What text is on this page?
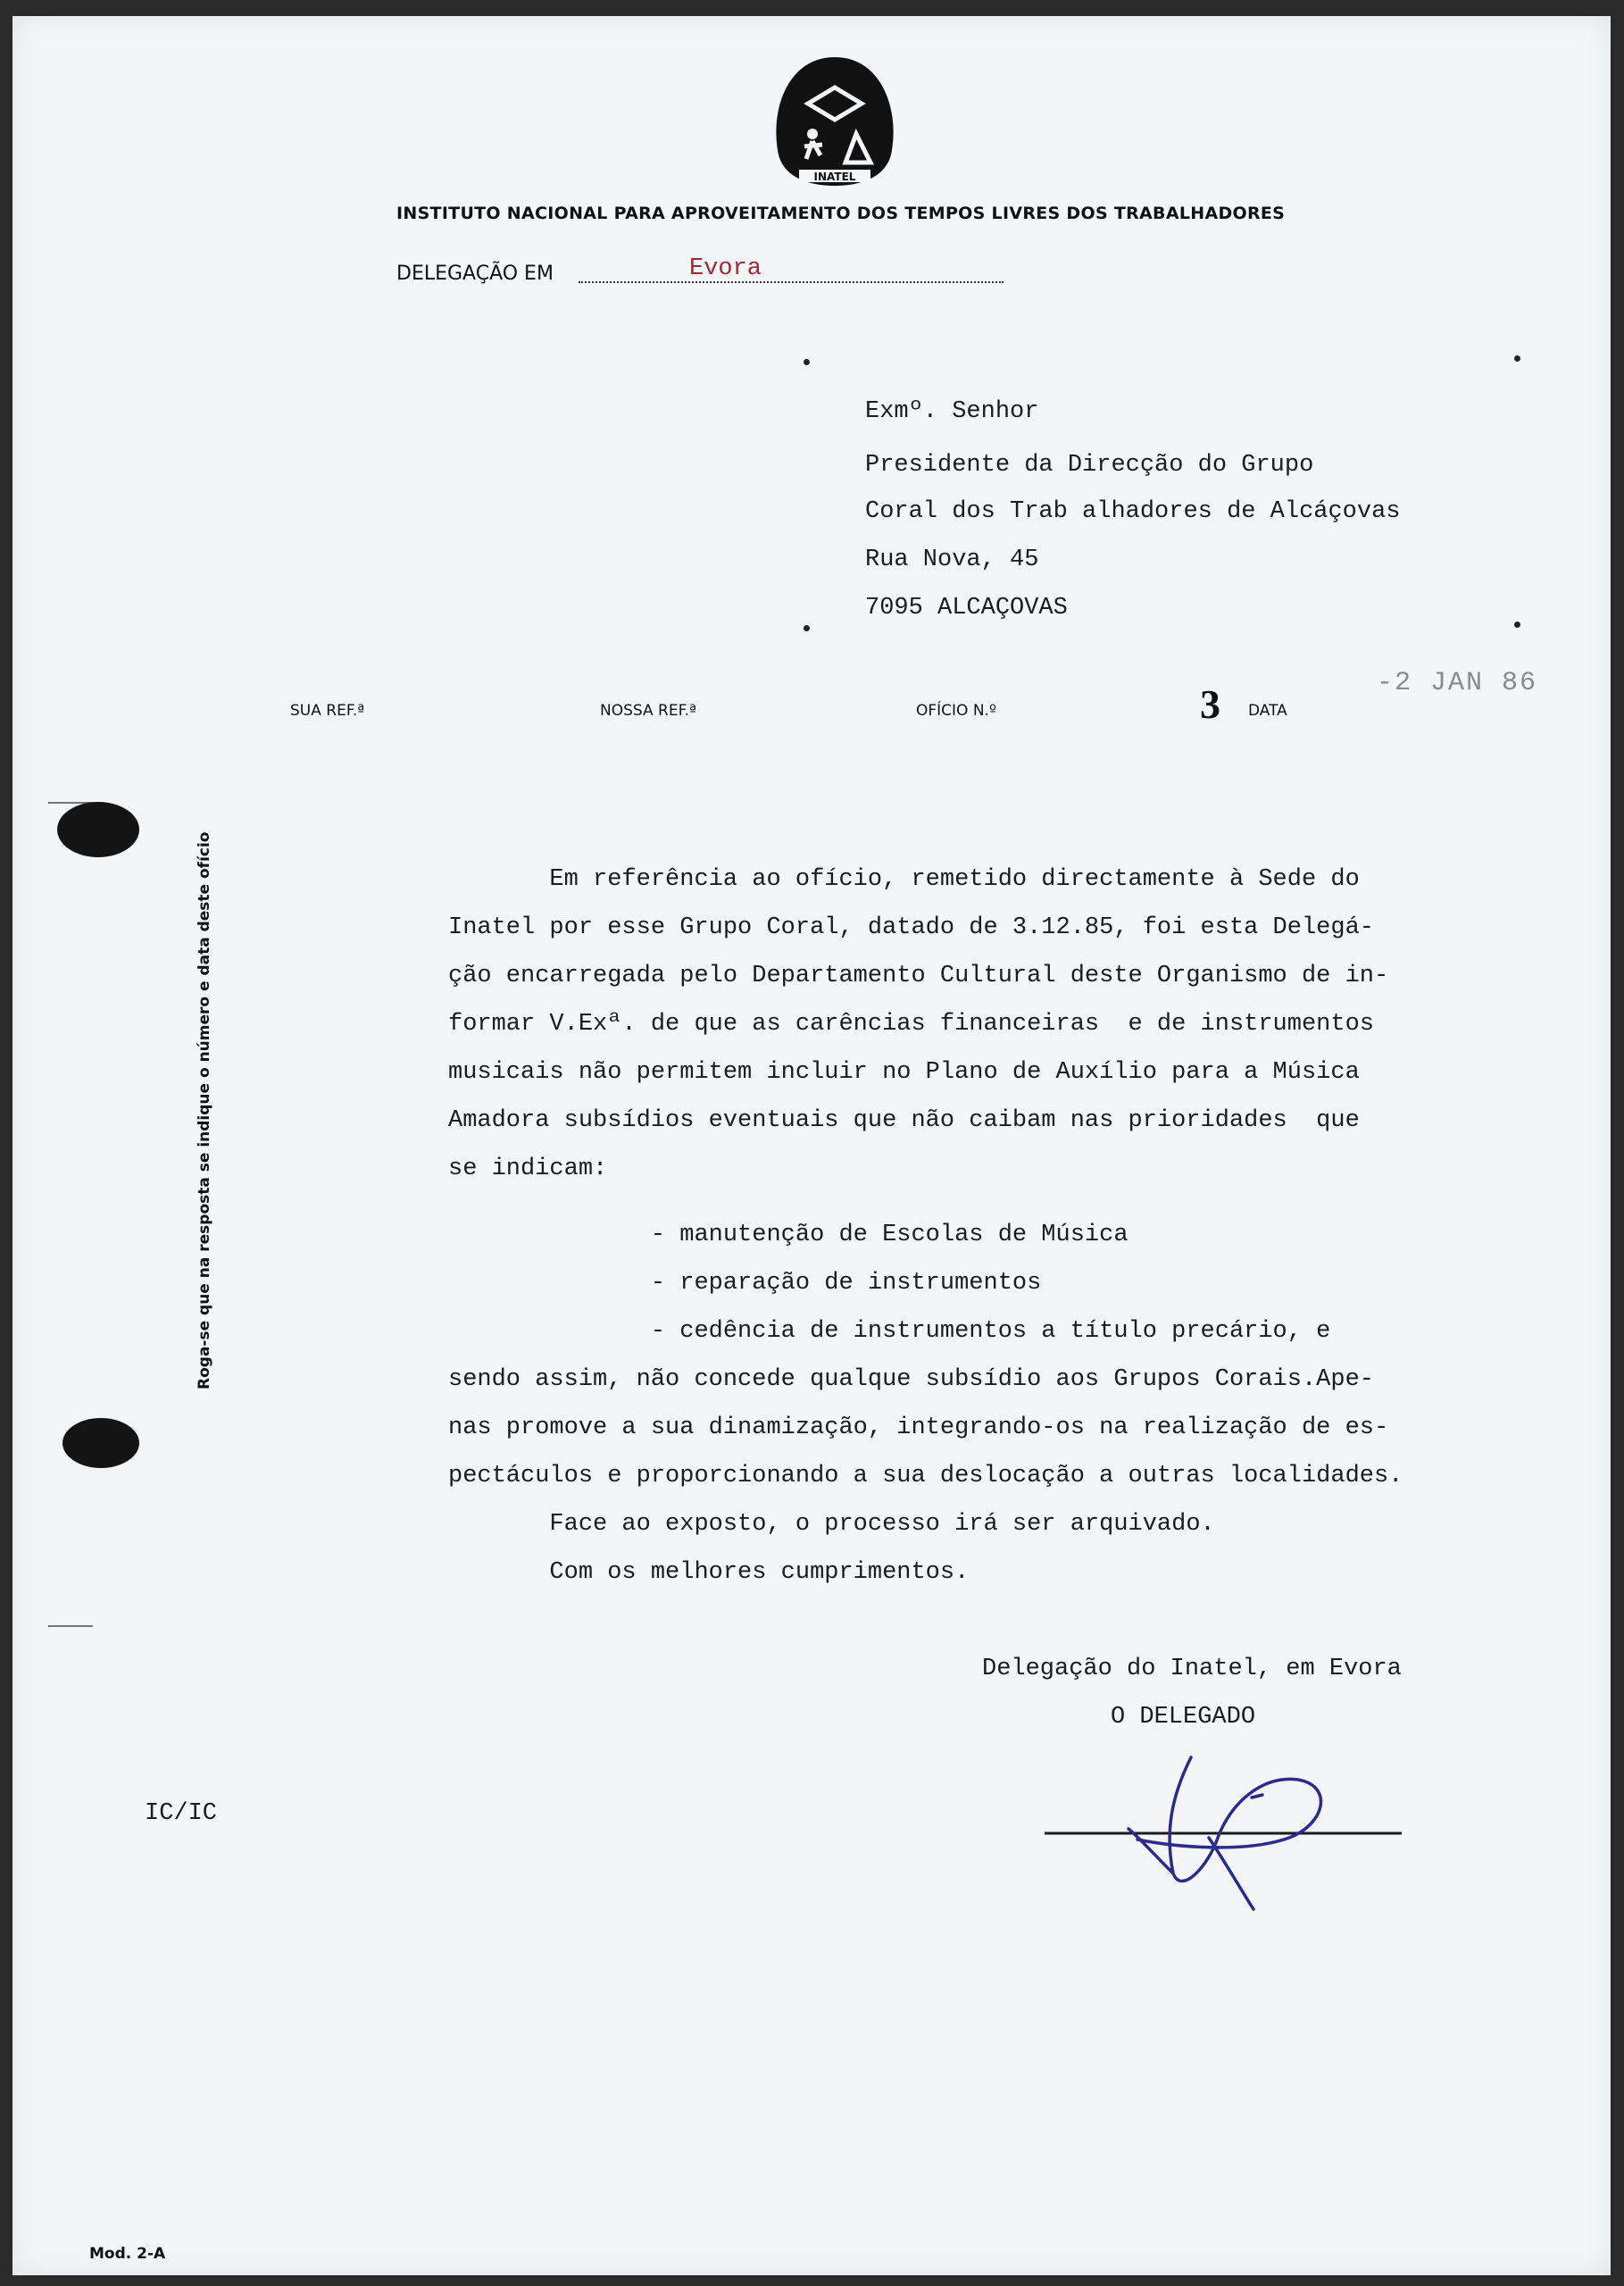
INATEL
INSTITUTO NACIONAL PARA APROVEITAMENTO DOS TEMPOS LIVRES DOS TRABALHADORES
DELEGAÇÃO EM	Evora
Exmº. Senhor
Presidente da Direcção do Grupo
Coral dos Trab alhadores de Alcáçovas
Rua Nova, 45
7095 ALCAÇOVAS
SUA REF.ª	NOSSA REF.ª	OFÍCIO N.º	3 DATA
-2 JAN 86
Roga-se que na resposta se indique o número e data deste ofício	Em referência ao ofício, remetido directamente à Sede do
Inatel por esse Grupo Coral, datado de 3.12.85, foi esta Delegá-
ção encarregada pelo Departamento Cultural deste Organismo de in-
formar V.Exª. de que as carências financeiras  e de instrumentos
musicais não permitem incluir no Plano de Auxílio para a Música
Amadora subsídios eventuais que não caibam nas prioridades  que
se indicam:
- manutenção de Escolas de Música
- reparação de instrumentos
- cedência de instrumentos a título precário, e
sendo assim, não concede qualque subsídio aos Grupos Corais.Ape-
nas promove a sua dinamização, integrando-os na realização de es-
pectáculos e proporcionando a sua deslocação a outras localidades.
Face ao exposto, o processo irá ser arquivado.
Com os melhores cumprimentos.
Delegação do Inatel, em Evora
O DELEGADO
IC/IC
Mod. 2-A
